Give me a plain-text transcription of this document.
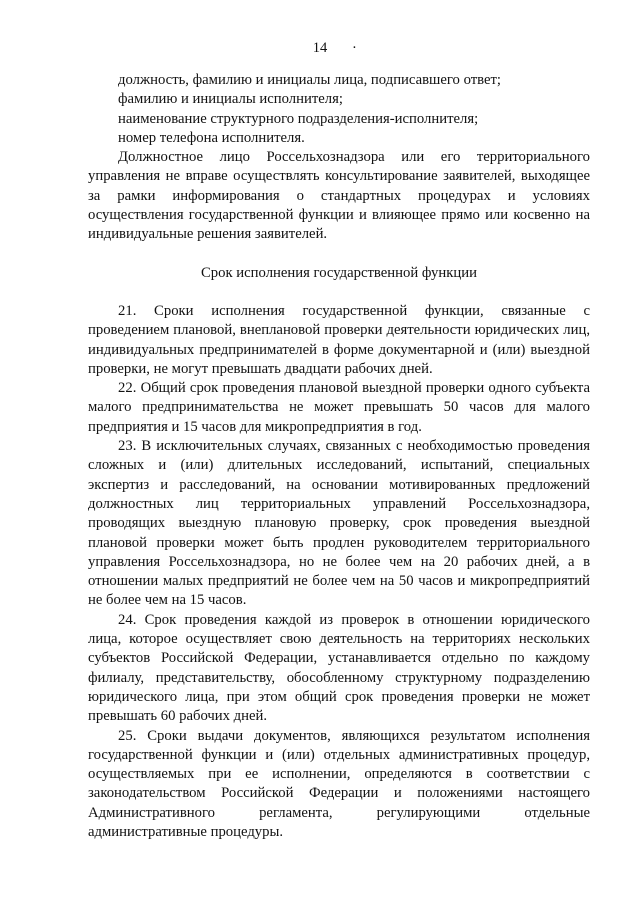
14 ·

должность, фамилию и инициалы лица, подписавшего ответ;

фамилию и инициалы исполнителя;

наименование структурного подразделения-исполнителя;

номер телефона исполнителя.

Должностное лицо Россельхознадзора или его территориального управления не вправе осуществлять консультирование заявителей, выходящее за рамки информирования о стандартных процедурах и условиях осуществления государственной функции и влияющее прямо или косвенно на индивидуальные решения заявителей.

Срок исполнения государственной функции

21. Сроки исполнения государственной функции, связанные с проведением плановой, внеплановой проверки деятельности юридических лиц, индивидуальных предпринимателей в форме документарной и (или) выездной проверки, не могут превышать двадцати рабочих дней.

22. Общий срок проведения плановой выездной проверки одного субъекта малого предпринимательства не может превышать 50 часов для малого предприятия и 15 часов для микропредприятия в год.

23. В исключительных случаях, связанных с необходимостью проведения сложных и (или) длительных исследований, испытаний, специальных экспертиз и расследований, на основании мотивированных предложений должностных лиц территориальных управлений Россельхознадзора, проводящих выездную плановую проверку, срок проведения выездной плановой проверки может быть продлен руководителем территориального управления Россельхознадзора, но не более чем на 20 рабочих дней, а в отношении малых предприятий не более чем на 50 часов и микропредприятий не более чем на 15 часов.

24. Срок проведения каждой из проверок в отношении юридического лица, которое осуществляет свою деятельность на территориях нескольких субъектов Российской Федерации, устанавливается отдельно по каждому филиалу, представительству, обособленному структурному подразделению юридического лица, при этом общий срок проведения проверки не может превышать 60 рабочих дней.

25. Сроки выдачи документов, являющихся результатом исполнения государственной функции и (или) отдельных административных процедур, осуществляемых при ее исполнении, определяются в соответствии с законодательством Российской Федерации и положениями настоящего Административного регламента, регулирующими отдельные административные процедуры.
